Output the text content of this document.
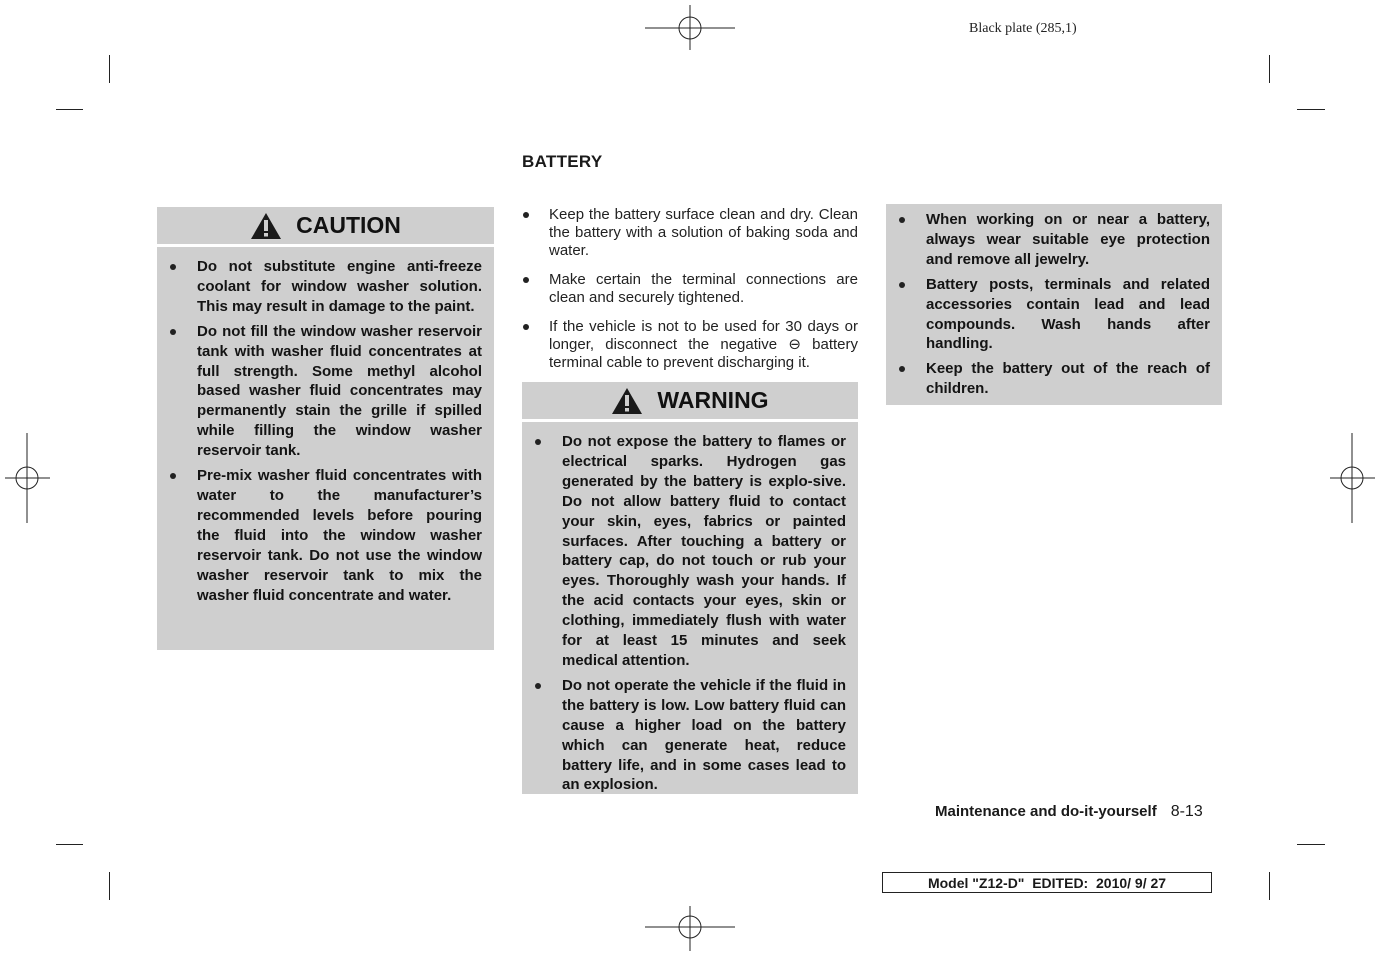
Black plate (285,1)
BATTERY
CAUTION
Do not substitute engine anti-freeze coolant for window washer solution. This may result in damage to the paint.
Do not fill the window washer reservoir tank with washer fluid concentrates at full strength. Some methyl alcohol based washer fluid concentrates may permanently stain the grille if spilled while filling the window washer reservoir tank.
Pre-mix washer fluid concentrates with water to the manufacturer’s recommended levels before pouring the fluid into the window washer reservoir tank. Do not use the window washer reservoir tank to mix the washer fluid concentrate and water.
Keep the battery surface clean and dry. Clean the battery with a solution of baking soda and water.
Make certain the terminal connections are clean and securely tightened.
If the vehicle is not to be used for 30 days or longer, disconnect the negative ⊖ battery terminal cable to prevent discharging it.
WARNING
Do not expose the battery to flames or electrical sparks. Hydrogen gas generated by the battery is explo-sive. Do not allow battery fluid to contact your skin, eyes, fabrics or painted surfaces. After touching a battery or battery cap, do not touch or rub your eyes. Thoroughly wash your hands. If the acid contacts your eyes, skin or clothing, immediately flush with water for at least 15 minutes and seek medical attention.
Do not operate the vehicle if the fluid in the battery is low. Low battery fluid can cause a higher load on the battery which can generate heat, reduce battery life, and in some cases lead to an explosion.
When working on or near a battery, always wear suitable eye protection and remove all jewelry.
Battery posts, terminals and related accessories contain lead and lead compounds. Wash hands after handling.
Keep the battery out of the reach of children.
Maintenance and do-it-yourself 8-13
Model "Z12-D"  EDITED:  2010/ 9/ 27
